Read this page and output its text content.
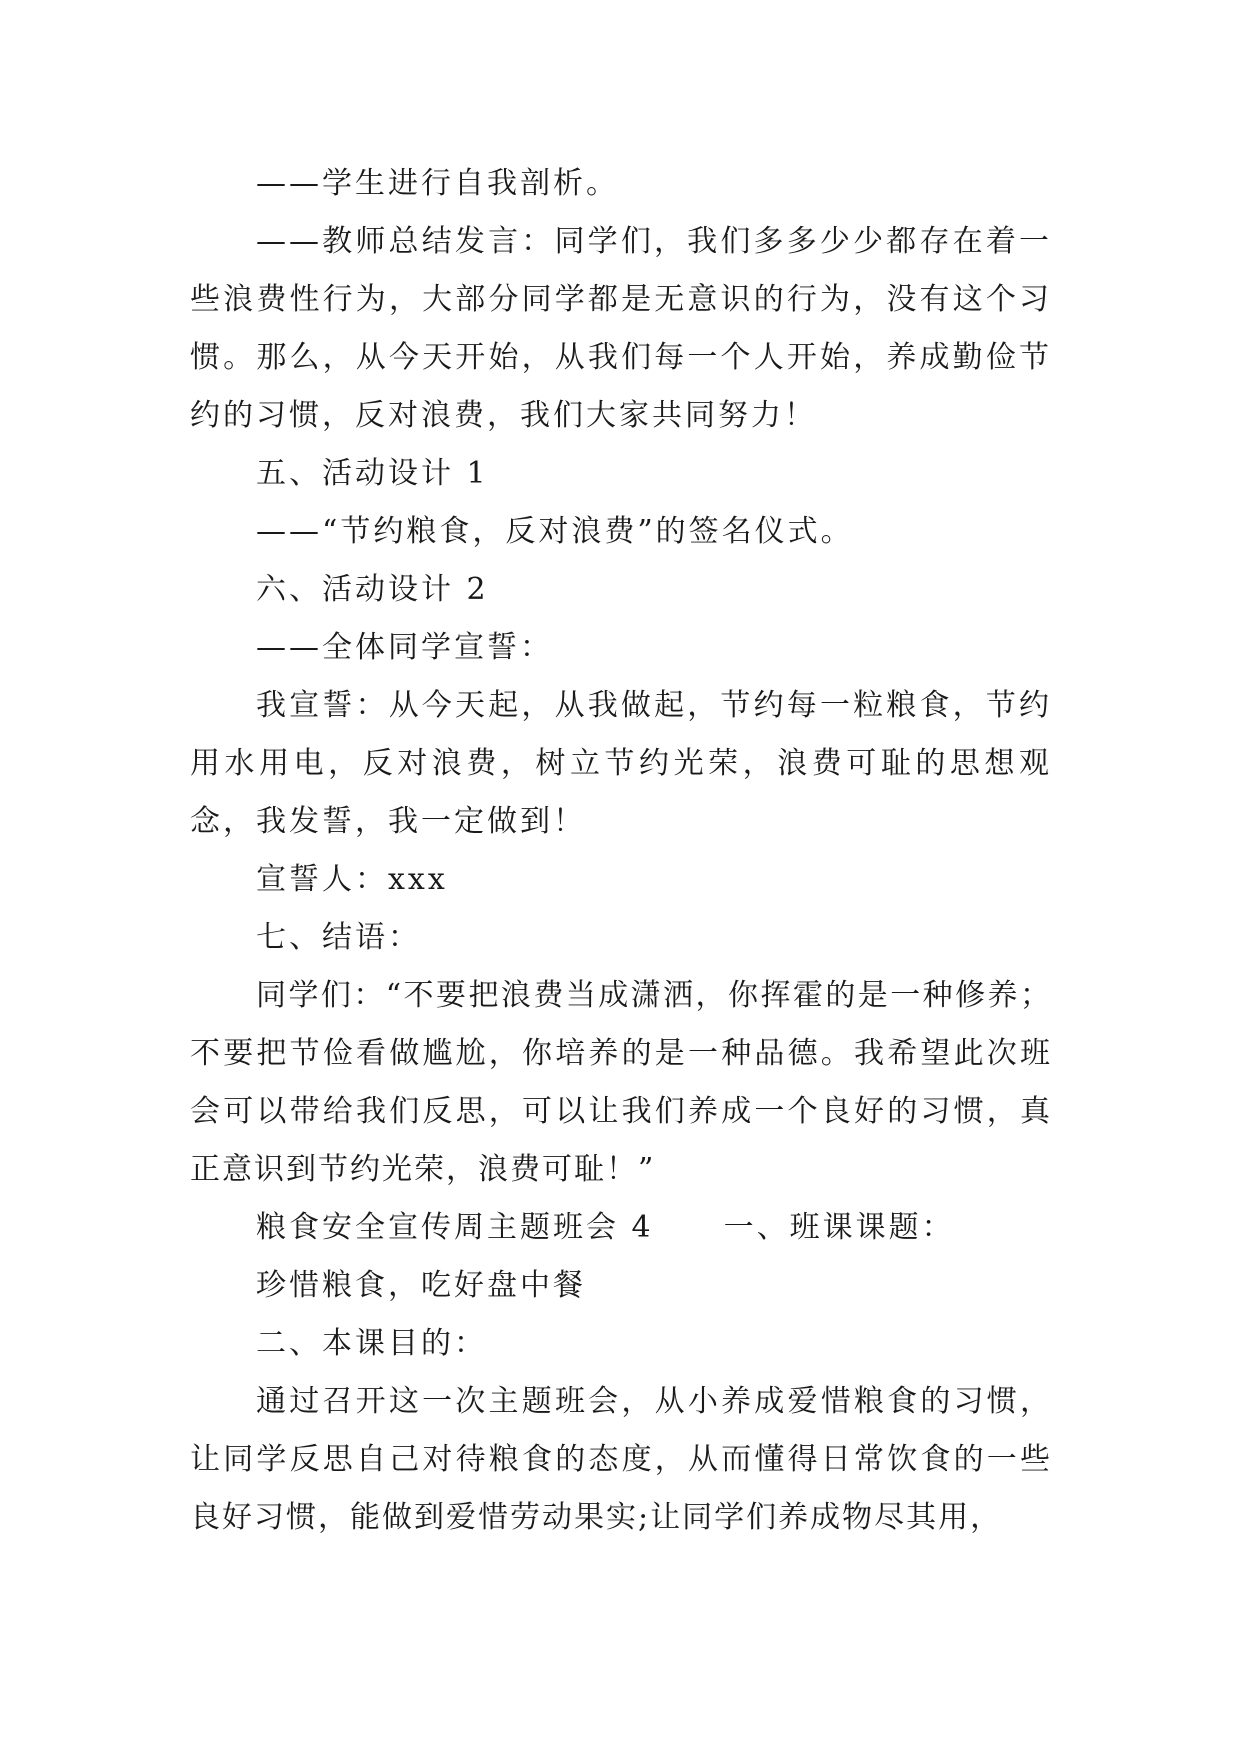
——学生进行自我剖析。

——教师总结发言：同学们，我们多多少少都存在着一些浪费性行为，大部分同学都是无意识的行为，没有这个习惯。那么，从今天开始，从我们每一个人开始，养成勤俭节约的习惯，反对浪费，我们大家共同努力！

五、活动设计 1

——“节约粮食，反对浪费”的签名仪式。

六、活动设计 2

——全体同学宣誓：

我宣誓：从今天起，从我做起，节约每一粒粮食，节约用水用电，反对浪费，树立节约光荣，浪费可耻的思想观念，我发誓，我一定做到！

宣誓人：xxx

七、结语：

同学们：“不要把浪费当成潇洒，你挥霍的是一种修养；不要把节俭看做尴尬，你培养的是一种品德。我希望此次班会可以带给我们反思，可以让我们养成一个良好的习惯，真正意识到节约光荣，浪费可耻！”

粮食安全宣传周主题班会 4 一、班课课题：

珍惜粮食，吃好盘中餐

二、本课目的：

通过召开这一次主题班会，从小养成爱惜粮食的习惯，让同学反思自己对待粮食的态度，从而懂得日常饮食的一些良好习惯，能做到爱惜劳动果实;让同学们养成物尽其用，
